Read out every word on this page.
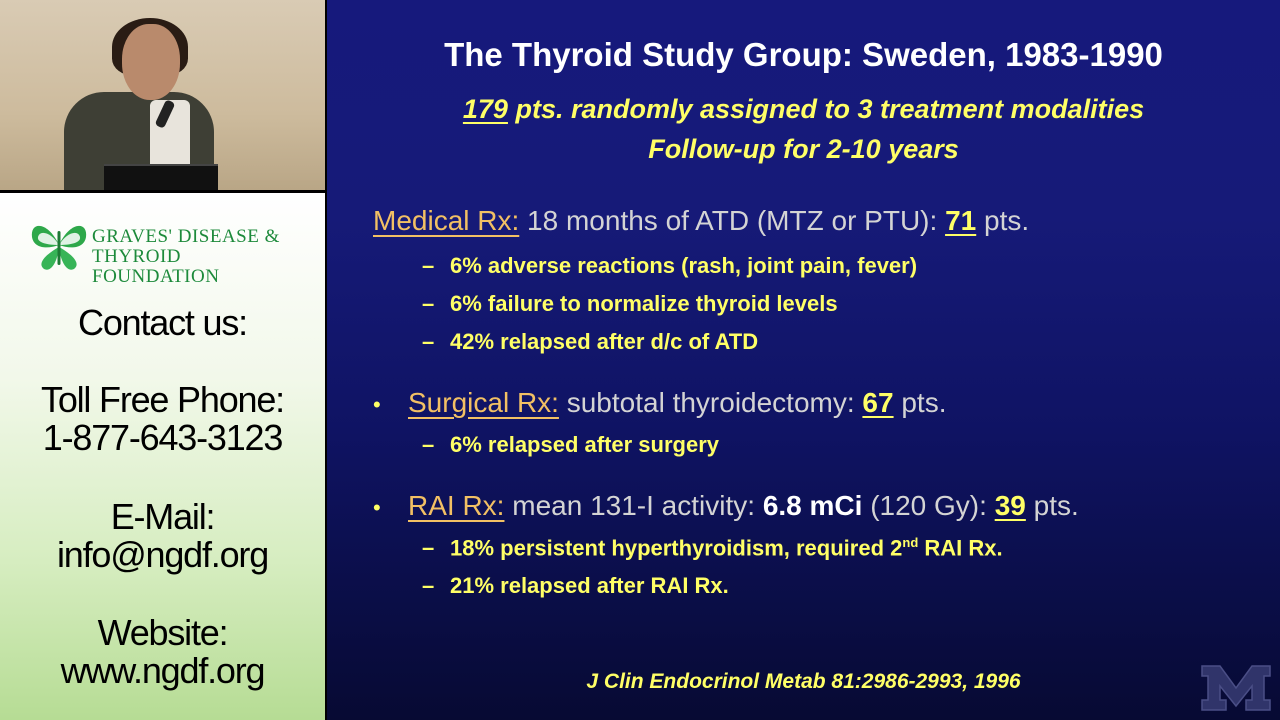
GRAVES' DISEASE &
THYROID FOUNDATION
Contact us:
Toll Free Phone:
1-877-643-3123
E-Mail:
info@ngdf.org
Website:
www.ngdf.org
The Thyroid Study Group: Sweden, 1983-1990
179 pts. randomly assigned to 3 treatment modalities
Follow-up for 2-10 years
Medical Rx: 18 months of ATD (MTZ or PTU): 71 pts.
– 6% adverse reactions (rash, joint pain, fever)
– 6% failure to normalize thyroid levels
– 42% relapsed after d/c of ATD
• Surgical Rx: subtotal thyroidectomy: 67 pts.
– 6% relapsed after surgery
• RAI Rx: mean 131-I activity: 6.8 mCi (120 Gy): 39 pts.
– 18% persistent hyperthyroidism, required 2nd RAI Rx.
– 21% relapsed after RAI Rx.
J Clin Endocrinol Metab 81:2986-2993, 1996
